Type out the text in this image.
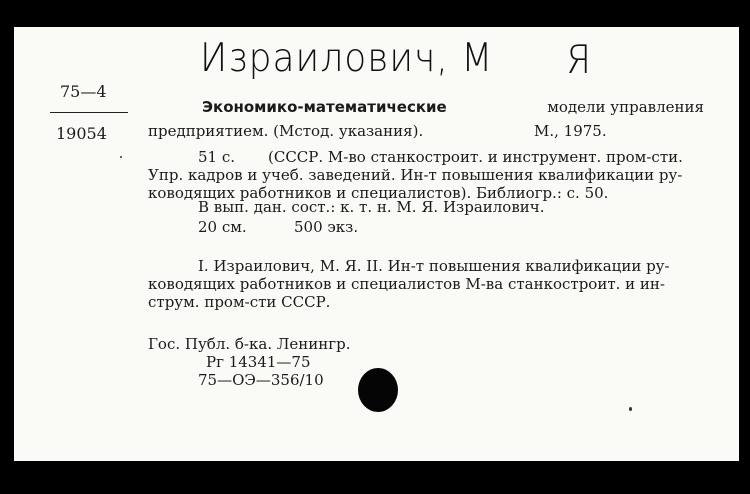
Израилович, М Я
75—4
19054
Экономико-математические	модели управления
предприятием. (Мстод. указания).	М., 1975.
51 с. (СССР. М-во станкостроит. и инструмент. пром-сти.
Упр. кадров и учеб. заведений. Ин-т повышения квалификации ру-
ководящих работников и специалистов). Библиогр.: с. 50.
В вып. дан. сост.: к. т. н. М. Я. Израилович.
20 см.	500 экз.
I. Израилович, М. Я. II. Ин-т повышения квалификации ру-
ководящих работников и специалистов М-ва станкостроит. и ин-
струм. пром-сти СССР.
Гос. Публ. б-ка. Ленингр.
Рг 14341—75
75—ОЭ—356/10
